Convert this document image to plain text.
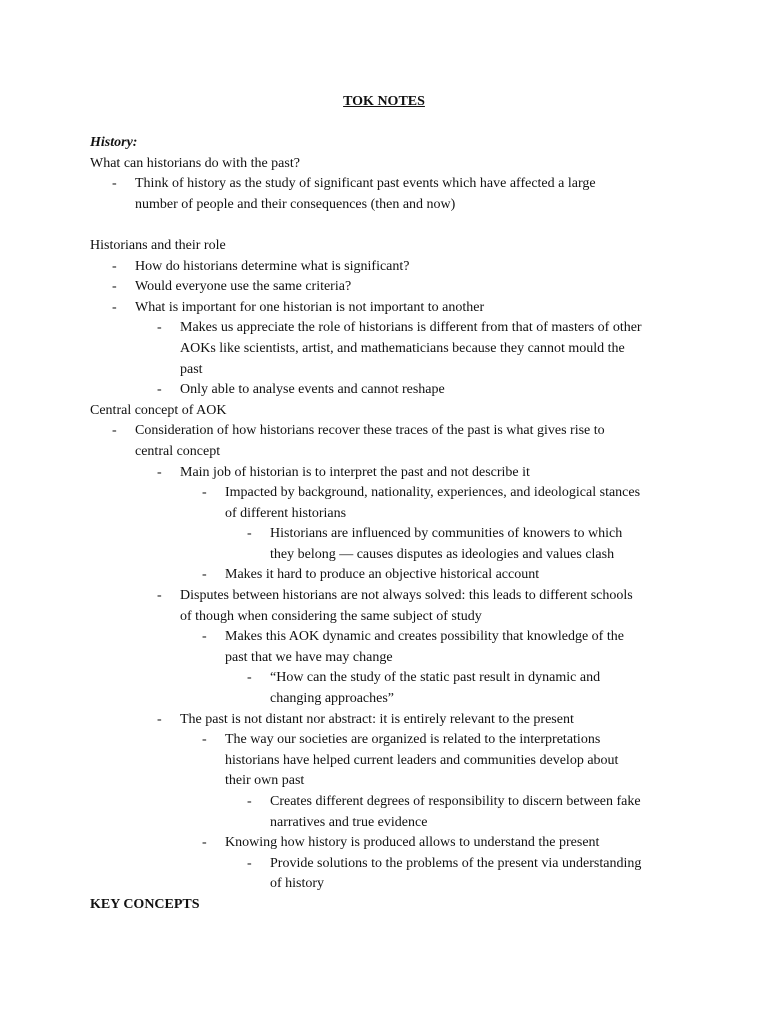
TOK NOTES
History:
What can historians do with the past?
- Think of history as the study of significant past events which have affected a large
number of people and their consequences (then and now)
Historians and their role
- How do historians determine what is significant?
- Would everyone use the same criteria?
- What is important for one historian is not important to another
- Makes us appreciate the role of historians is different from that of masters of other
AOKs like scientists, artist, and mathematicians because they cannot mould the
past
- Only able to analyse events and cannot reshape
Central concept of AOK
- Consideration of how historians recover these traces of the past is what gives rise to
central concept
- Main job of historian is to interpret the past and not describe it
- Impacted by background, nationality, experiences, and ideological stances
of different historians
- Historians are influenced by communities of knowers to which
they belong — causes disputes as ideologies and values clash
- Makes it hard to produce an objective historical account
- Disputes between historians are not always solved: this leads to different schools
of though when considering the same subject of study
- Makes this AOK dynamic and creates possibility that knowledge of the
past that we have may change
- “How can the study of the static past result in dynamic and
changing approaches”
- The past is not distant nor abstract: it is entirely relevant to the present
- The way our societies are organized is related to the interpretations
historians have helped current leaders and communities develop about
their own past
- Creates different degrees of responsibility to discern between fake
narratives and true evidence
- Knowing how history is produced allows to understand the present
- Provide solutions to the problems of the present via understanding
of history
KEY CONCEPTS
